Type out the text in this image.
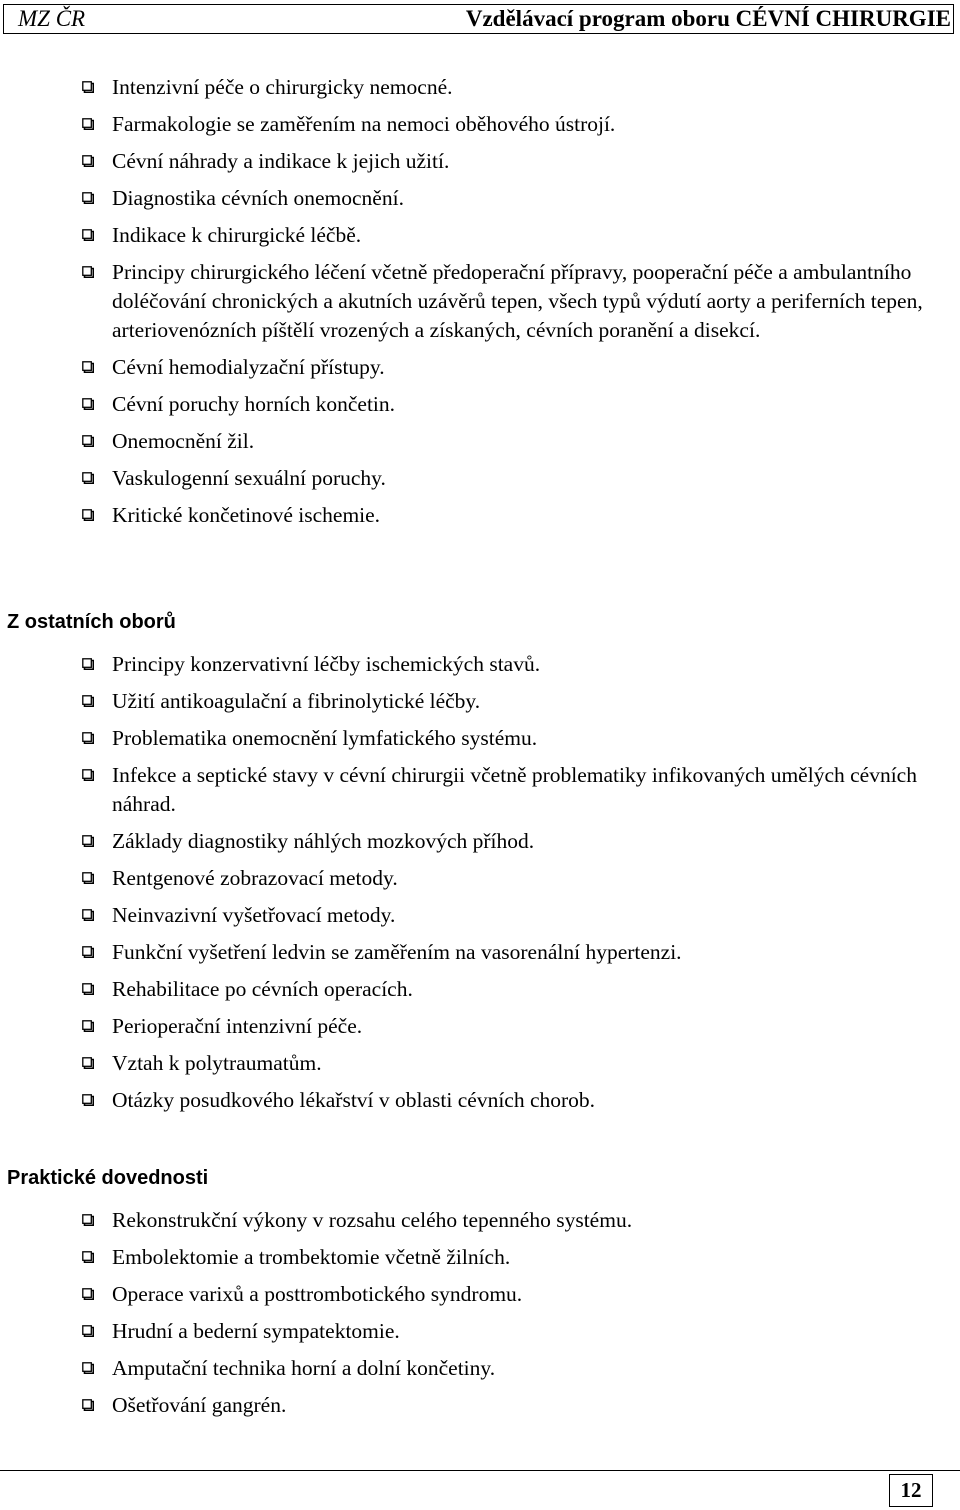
MZ ČR	Vzdělávací program oboru CÉVNÍ CHIRURGIE
Intenzivní péče o chirurgicky nemocné.
Farmakologie se zaměřením na nemoci oběhového ústrojí.
Cévní náhrady a indikace k jejich užití.
Diagnostika cévních onemocnění.
Indikace k chirurgické léčbě.
Principy chirurgického léčení včetně předoperační přípravy, pooperační péče a ambulantního doléčování chronických a akutních uzávěrů tepen, všech typů výdutí aorty a periferních tepen, arteriovenózních píštělí vrozených a získaných, cévních poranění a disekcí.
Cévní hemodialyzační přístupy.
Cévní poruchy horních končetin.
Onemocnění žil.
Vaskulogenní sexuální poruchy.
Kritické končetinové ischemie.
Z ostatních oborů
Principy konzervativní léčby ischemických stavů.
Užití antikoagulační a fibrinolytické léčby.
Problematika onemocnění lymfatického systému.
Infekce a septické stavy v cévní chirurgii včetně problematiky infikovaných umělých cévních náhrad.
Základy diagnostiky náhlých mozkových příhod.
Rentgenové zobrazovací metody.
Neinvazivní vyšetřovací metody.
Funkční vyšetření ledvin se zaměřením na vasorenální hypertenzi.
Rehabilitace po cévních operacích.
Perioperační intenzivní péče.
Vztah k polytraumatům.
Otázky posudkového lékařství v oblasti cévních chorob.
Praktické dovednosti
Rekonstrukční výkony v rozsahu celého tepenného systému.
Embolektomie a trombektomie včetně žilních.
Operace varixů a posttrombotického syndromu.
Hrudní a bederní sympatektomie.
Amputační technika horní a dolní končetiny.
Ošetřování gangrén.
12
